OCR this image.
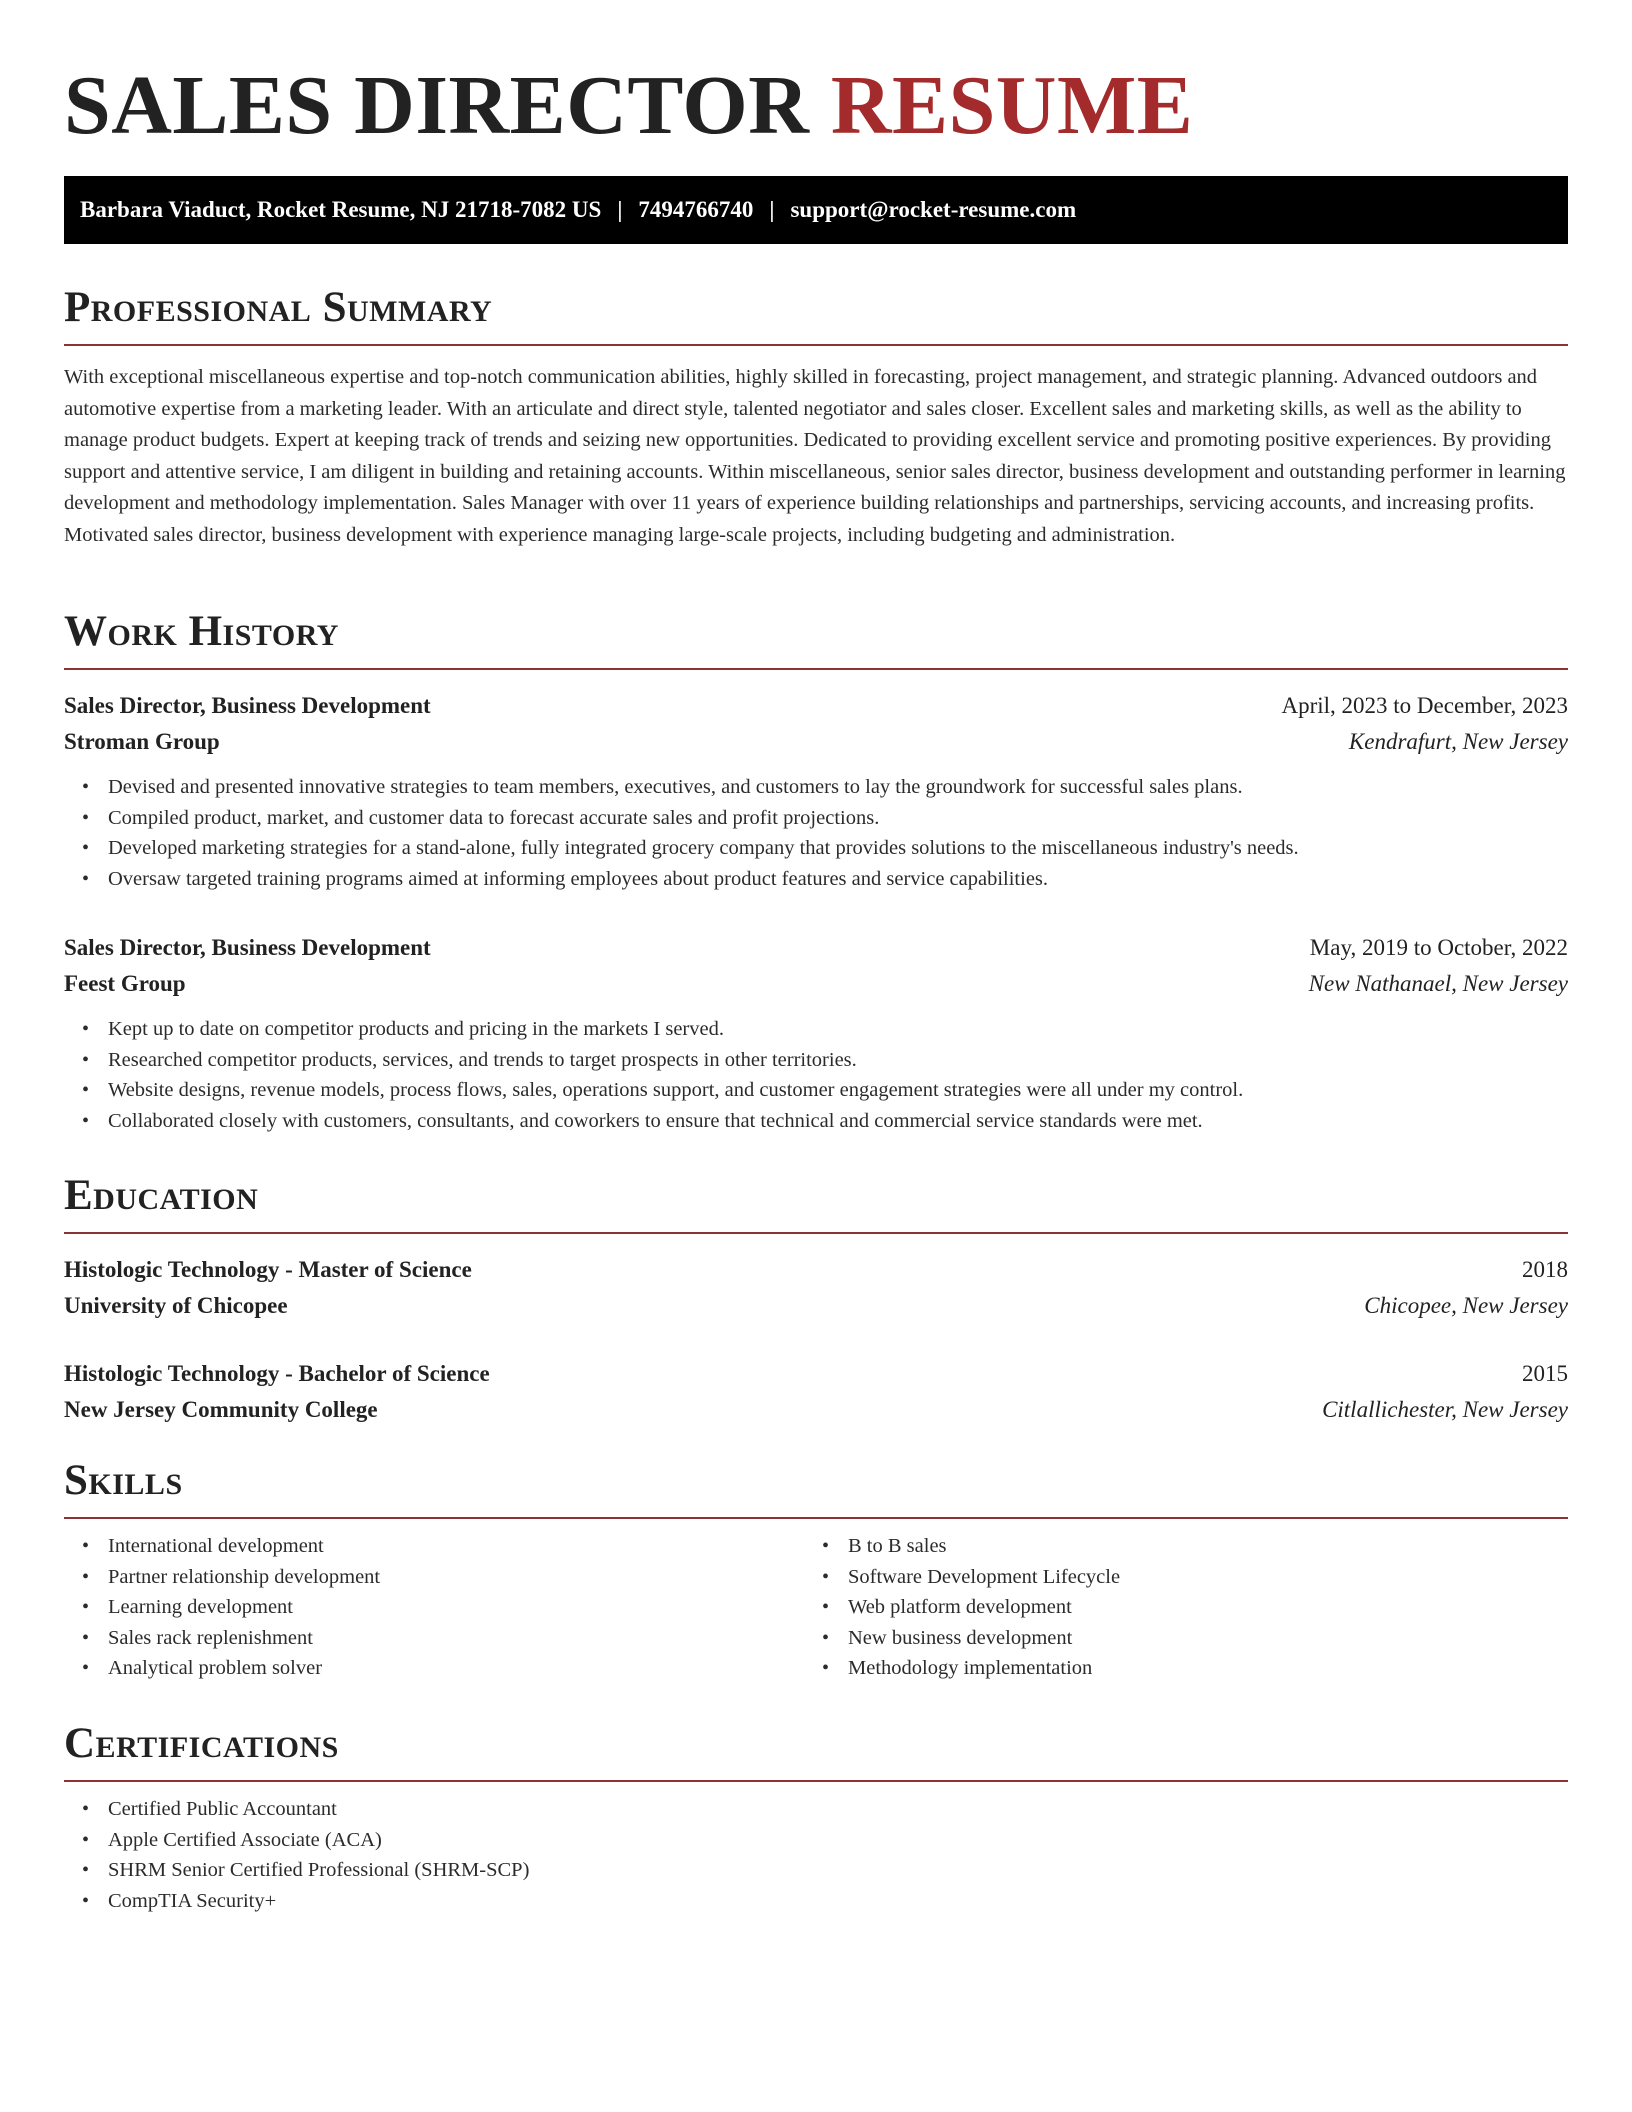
SALES DIRECTOR RESUME
Barbara Viaduct, Rocket Resume, NJ 21718-7082 US | 7494766740 | support@rocket-resume.com
Professional Summary

With exceptional miscellaneous expertise and top-notch communication abilities, highly skilled in forecasting, project management, and strategic planning. Advanced outdoors and automotive expertise from a marketing leader. With an articulate and direct style, talented negotiator and sales closer. Excellent sales and marketing skills, as well as the ability to manage product budgets. Expert at keeping track of trends and seizing new opportunities. Dedicated to providing excellent service and promoting positive experiences. By providing support and attentive service, I am diligent in building and retaining accounts. Within miscellaneous, senior sales director, business development and outstanding performer in learning development and methodology implementation. Sales Manager with over 11 years of experience building relationships and partnerships, servicing accounts, and increasing profits. Motivated sales director, business development with experience managing large-scale projects, including budgeting and administration.

Work History
Sales Director, Business Development	April, 2023 to December, 2023
Stroman Group	Kendrafurt, New Jersey
• Devised and presented innovative strategies to team members, executives, and customers to lay the groundwork for successful sales plans.
• Compiled product, market, and customer data to forecast accurate sales and profit projections.
• Developed marketing strategies for a stand-alone, fully integrated grocery company that provides solutions to the miscellaneous industry's needs.
• Oversaw targeted training programs aimed at informing employees about product features and service capabilities.
Sales Director, Business Development	May, 2019 to October, 2022
Feest Group	New Nathanael, New Jersey
• Kept up to date on competitor products and pricing in the markets I served.
• Researched competitor products, services, and trends to target prospects in other territories.
• Website designs, revenue models, process flows, sales, operations support, and customer engagement strategies were all under my control.
• Collaborated closely with customers, consultants, and coworkers to ensure that technical and commercial service standards were met.
Education
Histologic Technology - Master of Science	2018
University of Chicopee	Chicopee, New Jersey
Histologic Technology - Bachelor of Science	2015
New Jersey Community College	Citlallichester, New Jersey
Skills
• International development
• Partner relationship development
• Learning development
• Sales rack replenishment
• Analytical problem solver
• B to B sales
• Software Development Lifecycle
• Web platform development
• New business development
• Methodology implementation
Certifications
• Certified Public Accountant
• Apple Certified Associate (ACA)
• SHRM Senior Certified Professional (SHRM-SCP)
• CompTIA Security+
